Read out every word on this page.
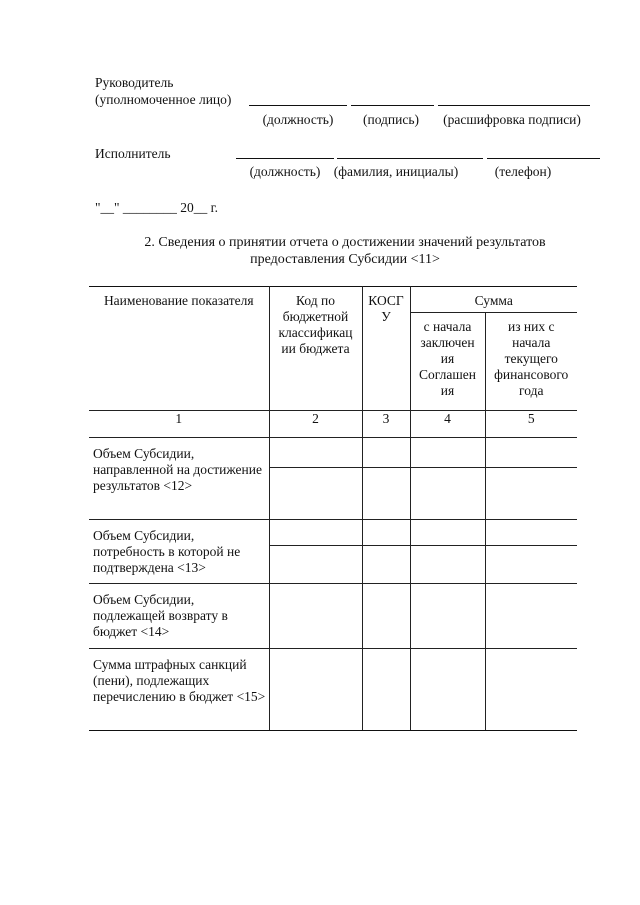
Руководитель
(уполномоченное лицо)
(должность)	(подпись)	(расшифровка подписи)
Исполнитель
(должность) (фамилия, инициалы)	(телефон)
"__" ________ 20__ г.
2. Сведения о принятии отчета о достижении значений результатов
предоставления Субсидии <11>
Наименование показателя	Код по бюджетной классификац ии бюджета	КОСГ У	Сумма	
			с начала заключен ия Соглашен ия	из них с начала текущего финансового года
1	2	3	4	5
Объем Субсидии, направленной на достижение результатов <12>				

Объем Субсидии, потребность в которой не подтверждена <13>				

Объем Субсидии, подлежащей возврату в бюджет <14>				
Сумма штрафных санкций (пени), подлежащих перечислению в бюджет <15>				
